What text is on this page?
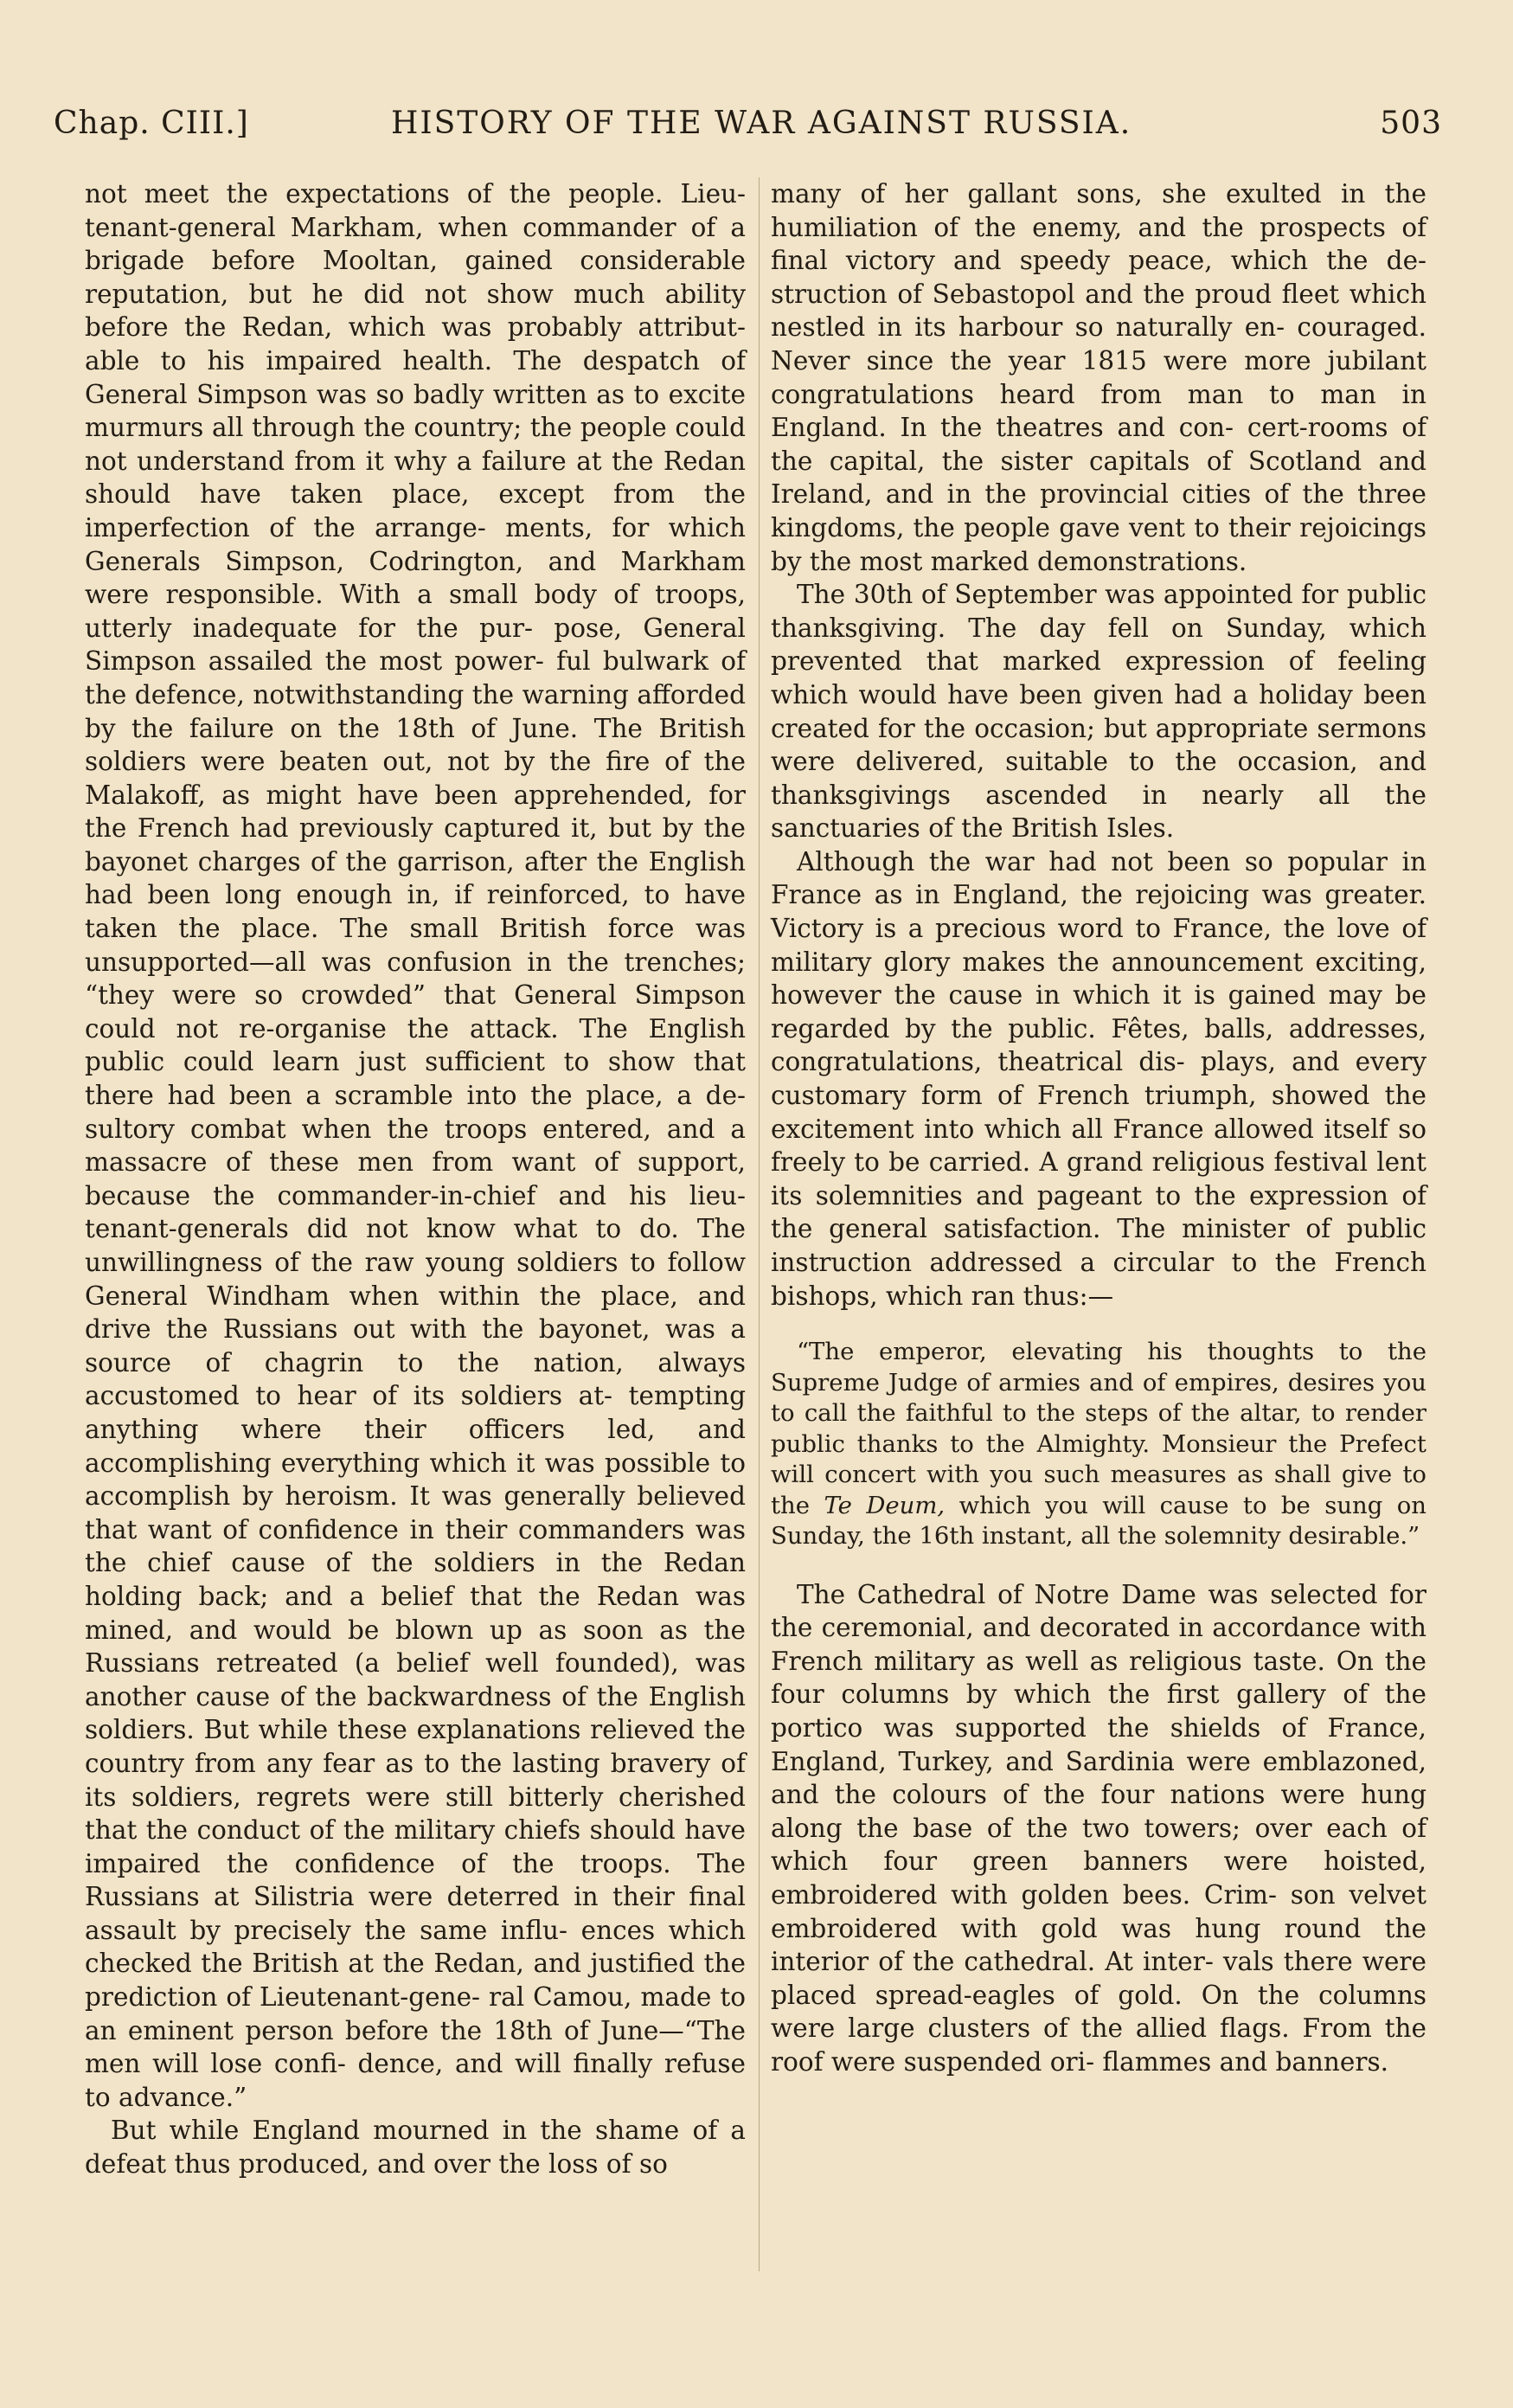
Chap. CIII.]	HISTORY OF THE WAR AGAINST RUSSIA.	503

not meet the expectations of the people. Lieu- tenant-general Markham, when commander of a brigade before Mooltan, gained considerable reputation, but he did not show much ability before the Redan, which was probably attribut- able to his impaired health. The despatch of General Simpson was so badly written as to excite murmurs all through the country; the people could not understand from it why a failure at the Redan should have taken place, except from the imperfection of the arrange- ments, for which Generals Simpson, Codrington, and Markham were responsible. With a small body of troops, utterly inadequate for the pur- pose, General Simpson assailed the most power- ful bulwark of the defence, notwithstanding the warning afforded by the failure on the 18th of June. The British soldiers were beaten out, not by the fire of the Malakoff, as might have been apprehended, for the French had previously captured it, but by the bayonet charges of the garrison, after the English had been long enough in, if reinforced, to have taken the place. The small British force was unsupported—all was confusion in the trenches; “they were so crowded” that General Simpson could not re-organise the attack. The English public could learn just sufficient to show that there had been a scramble into the place, a de- sultory combat when the troops entered, and a massacre of these men from want of support, because the commander-in-chief and his lieu- tenant-generals did not know what to do. The unwillingness of the raw young soldiers to follow General Windham when within the place, and drive the Russians out with the bayonet, was a source of chagrin to the nation, always accustomed to hear of its soldiers at- tempting anything where their officers led, and accomplishing everything which it was possible to accomplish by heroism. It was generally believed that want of confidence in their commanders was the chief cause of the soldiers in the Redan holding back; and a belief that the Redan was mined, and would be blown up as soon as the Russians retreated (a belief well founded), was another cause of the backwardness of the English soldiers. But while these explanations relieved the country from any fear as to the lasting bravery of its soldiers, regrets were still bitterly cherished that the conduct of the military chiefs should have impaired the confidence of the troops. The Russians at Silistria were deterred in their final assault by precisely the same influ- ences which checked the British at the Redan, and justified the prediction of Lieutenant-gene- ral Camou, made to an eminent person before the 18th of June—“The men will lose confi- dence, and will finally refuse to advance.”

But while England mourned in the shame of a defeat thus produced, and over the loss of so

many of her gallant sons, she exulted in the humiliation of the enemy, and the prospects of final victory and speedy peace, which the de- struction of Sebastopol and the proud fleet which nestled in its harbour so naturally en- couraged. Never since the year 1815 were more jubilant congratulations heard from man to man in England. In the theatres and con- cert-rooms of the capital, the sister capitals of Scotland and Ireland, and in the provincial cities of the three kingdoms, the people gave vent to their rejoicings by the most marked demonstrations.

The 30th of September was appointed for public thanksgiving. The day fell on Sunday, which prevented that marked expression of feeling which would have been given had a holiday been created for the occasion; but appropriate sermons were delivered, suitable to the occasion, and thanksgivings ascended in nearly all the sanctuaries of the British Isles.

Although the war had not been so popular in France as in England, the rejoicing was greater. Victory is a precious word to France, the love of military glory makes the announcement exciting, however the cause in which it is gained may be regarded by the public. Fêtes, balls, addresses, congratulations, theatrical dis- plays, and every customary form of French triumph, showed the excitement into which all France allowed itself so freely to be carried. A grand religious festival lent its solemnities and pageant to the expression of the general satisfaction. The minister of public instruction addressed a circular to the French bishops, which ran thus:—

“The emperor, elevating his thoughts to the Supreme Judge of armies and of empires, desires you to call the faithful to the steps of the altar, to render public thanks to the Almighty. Monsieur the Prefect will concert with you such measures as shall give to the Te Deum, which you will cause to be sung on Sunday, the 16th instant, all the solemnity desirable.”

The Cathedral of Notre Dame was selected for the ceremonial, and decorated in accordance with French military as well as religious taste. On the four columns by which the first gallery of the portico was supported the shields of France, England, Turkey, and Sardinia were emblazoned, and the colours of the four nations were hung along the base of the two towers; over each of which four green banners were hoisted, embroidered with golden bees. Crim- son velvet embroidered with gold was hung round the interior of the cathedral. At inter- vals there were placed spread-eagles of gold. On the columns were large clusters of the allied flags. From the roof were suspended ori- flammes and banners.
